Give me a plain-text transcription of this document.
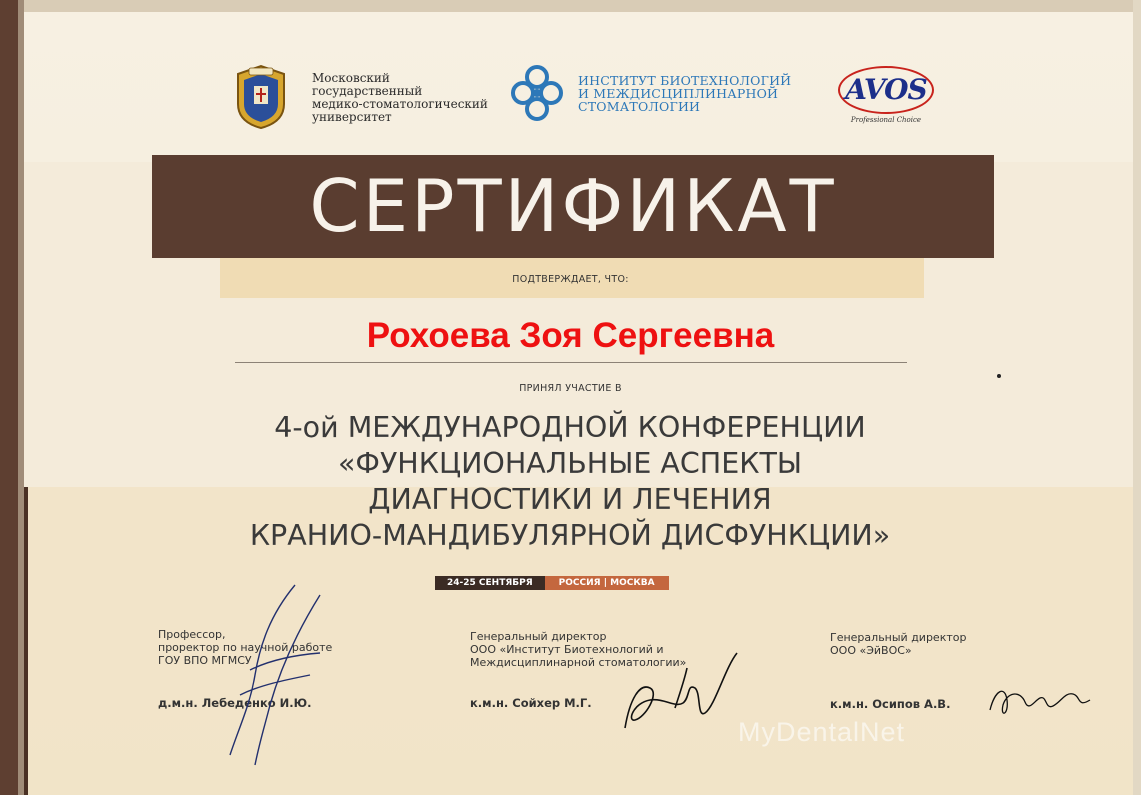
Московский
государственный
медико-стоматологический
университет
ИНСТИТУТ БИОТЕХНОЛОГИЙ
И МЕЖДИСЦИПЛИНАРНОЙ
СТОМАТОЛОГИИ
AVOS
Professional Choice
СЕРТИФИКАТ
ПОДТВЕРЖДАЕТ, ЧТО:
Рохоева Зоя Сергеевна
ПРИНЯЛ УЧАСТИЕ В
4-ой МЕЖДУНАРОДНОЙ КОНФЕРЕНЦИИ
«ФУНКЦИОНАЛЬНЫЕ АСПЕКТЫ
ДИАГНОСТИКИ И ЛЕЧЕНИЯ
КРАНИО-МАНДИБУЛЯРНОЙ ДИСФУНКЦИИ»
24-25 СЕНТЯБРЯ	РОССИЯ | МОСКВА
Профессор,
проректор по научной работе
ГОУ ВПО МГМСУ
д.м.н. Лебеденко И.Ю.
Генеральный директор
ООО «Институт Биотехнологий и
Междисциплинарной стоматологии»
к.м.н. Сойхер М.Г.
Генеральный директор
ООО «ЭйВОС»
к.м.н. Осипов А.В.
MyDentalNet
